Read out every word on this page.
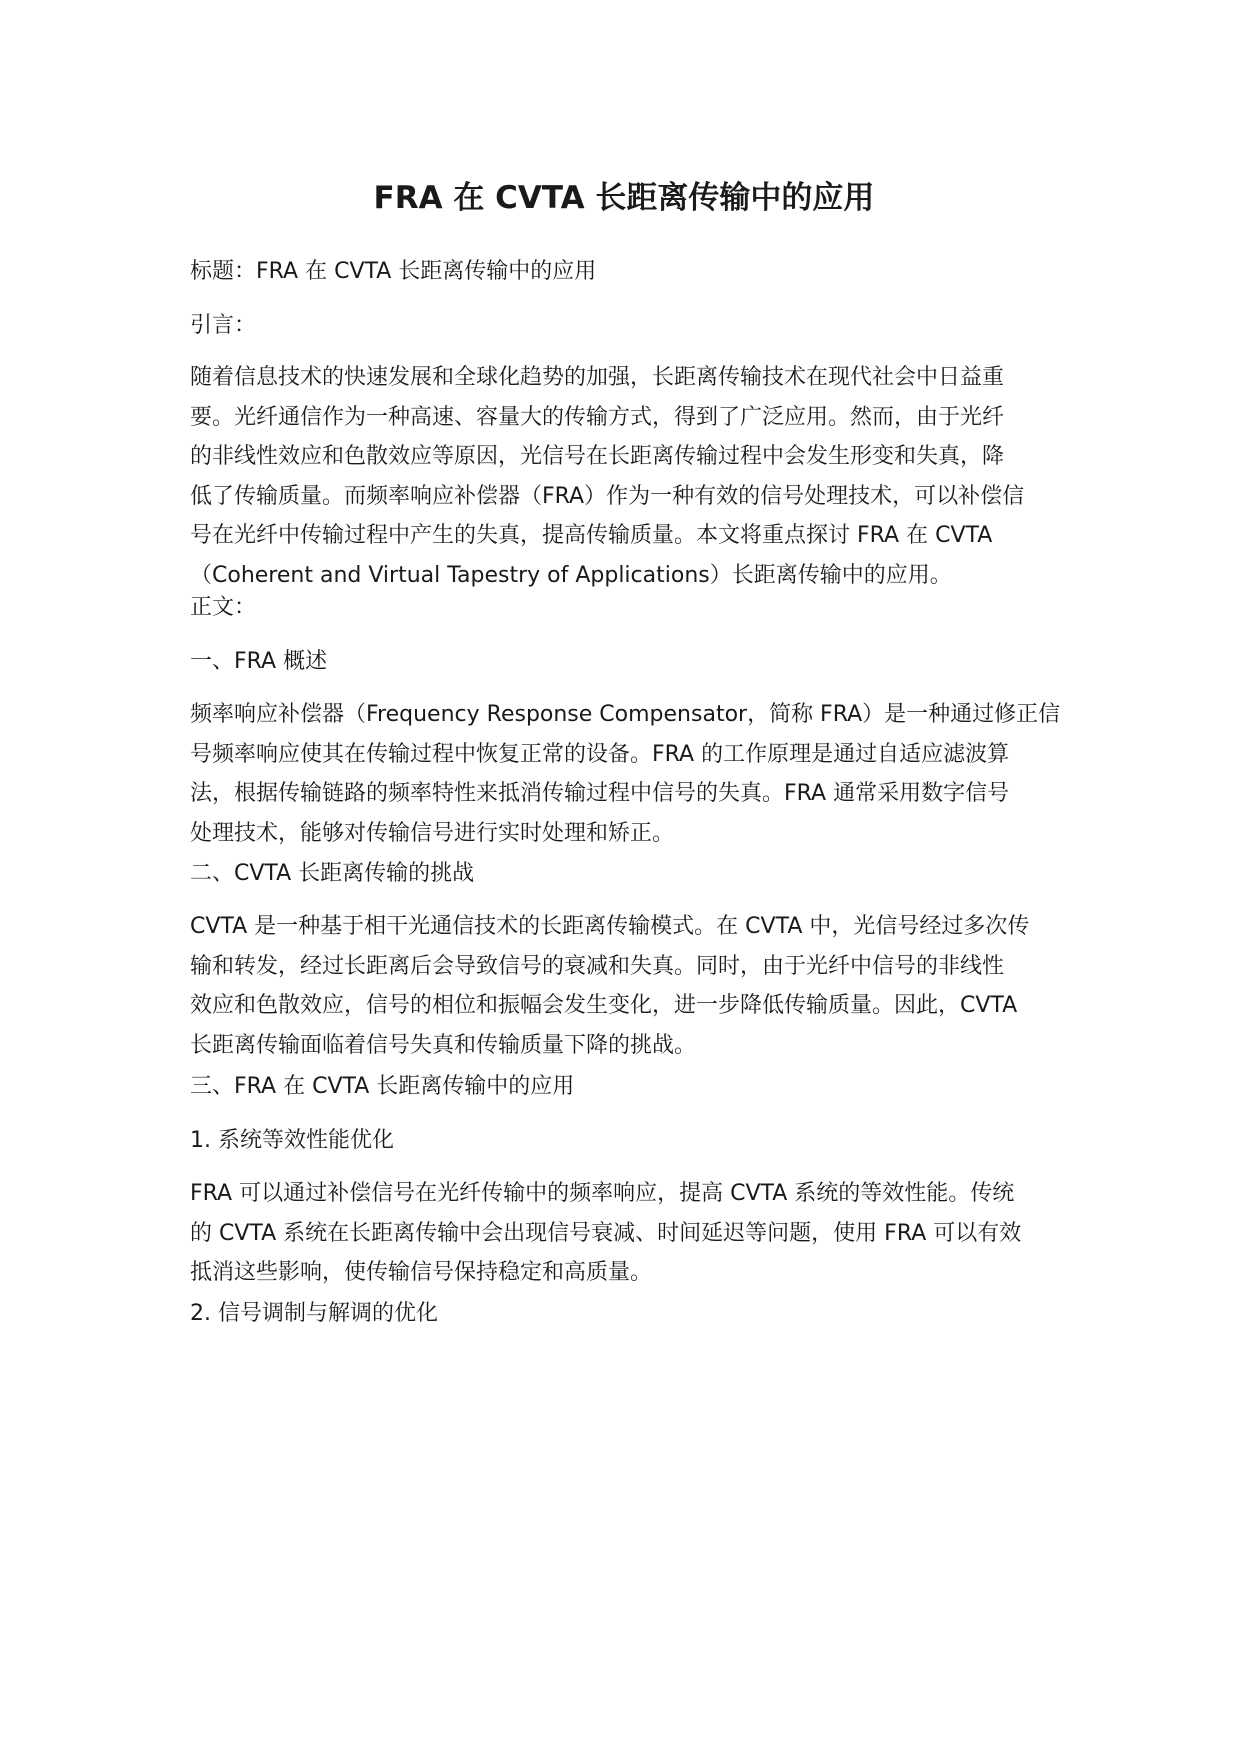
FRA 在 CVTA 长距离传输中的应用

标题：FRA 在 CVTA 长距离传输中的应用

引言：

随着信息技术的快速发展和全球化趋势的加强，长距离传输技术在现代社会中日益重
要。光纤通信作为一种高速、容量大的传输方式，得到了广泛应用。然而，由于光纤
的非线性效应和色散效应等原因，光信号在长距离传输过程中会发生形变和失真，降
低了传输质量。而频率响应补偿器（FRA）作为一种有效的信号处理技术，可以补偿信
号在光纤中传输过程中产生的失真，提高传输质量。本文将重点探讨 FRA 在 CVTA
（Coherent and Virtual Tapestry of Applications）长距离传输中的应用。

正文：

一、FRA 概述

频率响应补偿器（Frequency Response Compensator，简称 FRA）是一种通过修正信
号频率响应使其在传输过程中恢复正常的设备。FRA 的工作原理是通过自适应滤波算
法，根据传输链路的频率特性来抵消传输过程中信号的失真。FRA 通常采用数字信号
处理技术，能够对传输信号进行实时处理和矫正。

二、CVTA 长距离传输的挑战

CVTA 是一种基于相干光通信技术的长距离传输模式。在 CVTA 中，光信号经过多次传
输和转发，经过长距离后会导致信号的衰减和失真。同时，由于光纤中信号的非线性
效应和色散效应，信号的相位和振幅会发生变化，进一步降低传输质量。因此，CVTA
长距离传输面临着信号失真和传输质量下降的挑战。

三、FRA 在 CVTA 长距离传输中的应用

1. 系统等效性能优化

FRA 可以通过补偿信号在光纤传输中的频率响应，提高 CVTA 系统的等效性能。传统
的 CVTA 系统在长距离传输中会出现信号衰减、时间延迟等问题，使用 FRA 可以有效
抵消这些影响，使传输信号保持稳定和高质量。

2. 信号调制与解调的优化
